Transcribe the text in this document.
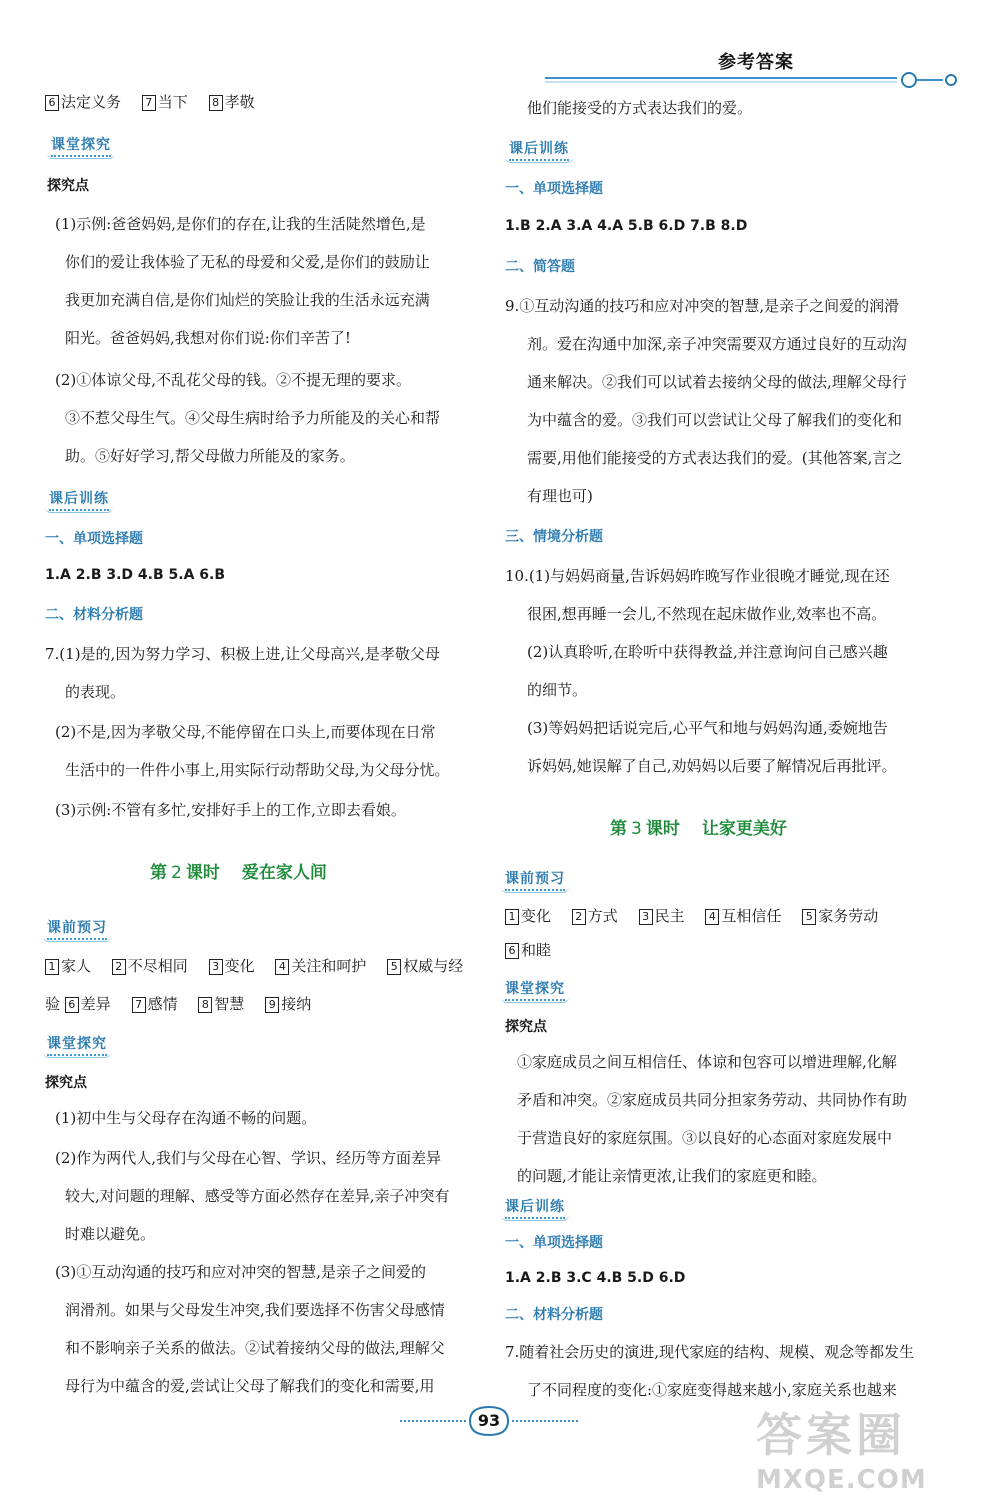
参考答案
6 法定义务 7 当下 8 孝敬
课堂探究
探究点
(1)示例:爸爸妈妈,是你们的存在,让我的生活陡然增色,是
你们的爱让我体验了无私的母爱和父爱,是你们的鼓励让
我更加充满自信,是你们灿烂的笑脸让我的生活永远充满
阳光。爸爸妈妈,我想对你们说:你们辛苦了!
(2)①体谅父母,不乱花父母的钱。②不提无理的要求。
③不惹父母生气。④父母生病时给予力所能及的关心和帮
助。⑤好好学习,帮父母做力所能及的家务。
课后训练
一、单项选择题
1.A 2.B 3.D 4.B 5.A 6.B
二、材料分析题
7.(1)是的,因为努力学习、积极上进,让父母高兴,是孝敬父母
的表现。
(2)不是,因为孝敬父母,不能停留在口头上,而要体现在日常
生活中的一件件小事上,用实际行动帮助父母,为父母分忧。
(3)示例:不管有多忙,安排好手上的工作,立即去看娘。
第 2 课时 爱在家人间
课前预习
1 家人 2 不尽相同 3 变化 4 关注和呵护 5 权威与经
验 6 差异 7 感情 8 智慧 9 接纳
课堂探究
探究点
(1)初中生与父母存在沟通不畅的问题。
(2)作为两代人,我们与父母在心智、学识、经历等方面差异
较大,对问题的理解、感受等方面必然存在差异,亲子冲突有
时难以避免。
(3)①互动沟通的技巧和应对冲突的智慧,是亲子之间爱的
润滑剂。如果与父母发生冲突,我们要选择不伤害父母感情
和不影响亲子关系的做法。②试着接纳父母的做法,理解父
母行为中蕴含的爱,尝试让父母了解我们的变化和需要,用
他们能接受的方式表达我们的爱。
课后训练
一、单项选择题
1.B 2.A 3.A 4.A 5.B 6.D 7.B 8.D
二、简答题
9.①互动沟通的技巧和应对冲突的智慧,是亲子之间爱的润滑
剂。爱在沟通中加深,亲子冲突需要双方通过良好的互动沟
通来解决。②我们可以试着去接纳父母的做法,理解父母行
为中蕴含的爱。③我们可以尝试让父母了解我们的变化和
需要,用他们能接受的方式表达我们的爱。(其他答案,言之
有理也可)
三、情境分析题
10.(1)与妈妈商量,告诉妈妈昨晚写作业很晚才睡觉,现在还
很困,想再睡一会儿,不然现在起床做作业,效率也不高。
(2)认真聆听,在聆听中获得教益,并注意询问自己感兴趣
的细节。
(3)等妈妈把话说完后,心平气和地与妈妈沟通,委婉地告
诉妈妈,她误解了自己,劝妈妈以后要了解情况后再批评。
第 3 课时 让家更美好
课前预习
1 变化 2 方式 3 民主 4 互相信任 5 家务劳动
6 和睦
课堂探究
探究点
①家庭成员之间互相信任、体谅和包容可以增进理解,化解
矛盾和冲突。②家庭成员共同分担家务劳动、共同协作有助
于营造良好的家庭氛围。③以良好的心态面对家庭发展中
的问题,才能让亲情更浓,让我们的家庭更和睦。
课后训练
一、单项选择题
1.A 2.B 3.C 4.B 5.D 6.D
二、材料分析题
7.随着社会历史的演进,现代家庭的结构、规模、观念等都发生
了不同程度的变化:①家庭变得越来越小,家庭关系也越来
93	答案圈
MXQE.COM
